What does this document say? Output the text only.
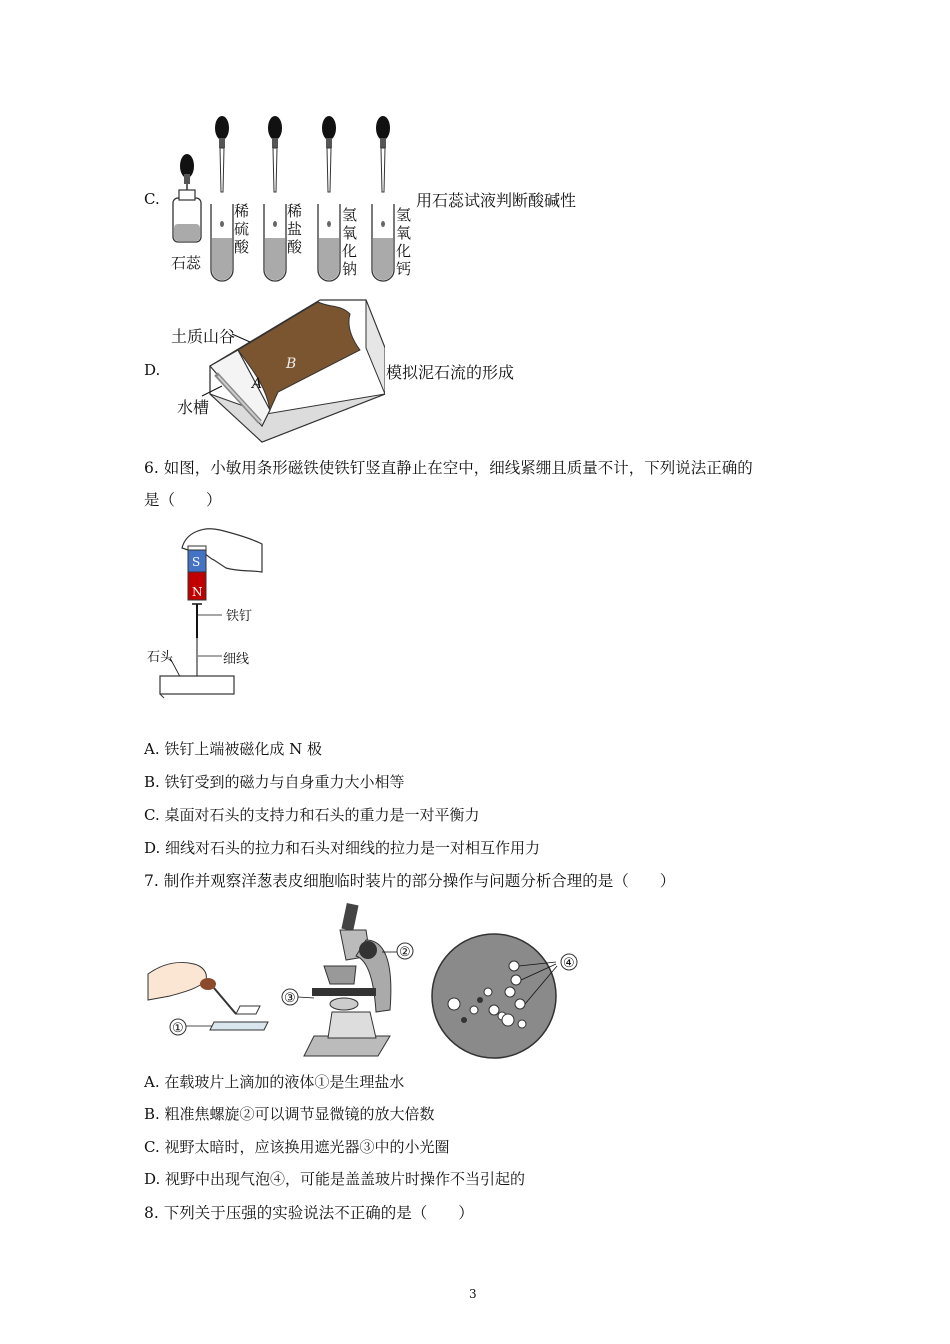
C.
石蕊
稀硫酸
稀盐酸
氢氧化钠
氢氧化钙
用石蕊试液判断酸碱性
D.
A
B
土质山谷
水槽
模拟泥石流的形成
6. 如图，小敏用条形磁铁使铁钉竖直静止在空中，细线紧绷且质量不计，下列说法正确的
是（　　）
S
N
铁钉
石头	细线
A. 铁钉上端被磁化成 N 极
B. 铁钉受到的磁力与自身重力大小相等
C. 桌面对石头的支持力和石头的重力是一对平衡力
D. 细线对石头的拉力和石头对细线的拉力是一对相互作用力
7. 制作并观察洋葱表皮细胞临时装片的部分操作与问题分析合理的是（　　）
①
②
③
④
A. 在载玻片上滴加的液体①是生理盐水
B. 粗准焦螺旋②可以调节显微镜的放大倍数
C. 视野太暗时，应该换用遮光器③中的小光圈
D. 视野中出现气泡④，可能是盖盖玻片时操作不当引起的
8. 下列关于压强的实验说法不正确的是（　　）
3
